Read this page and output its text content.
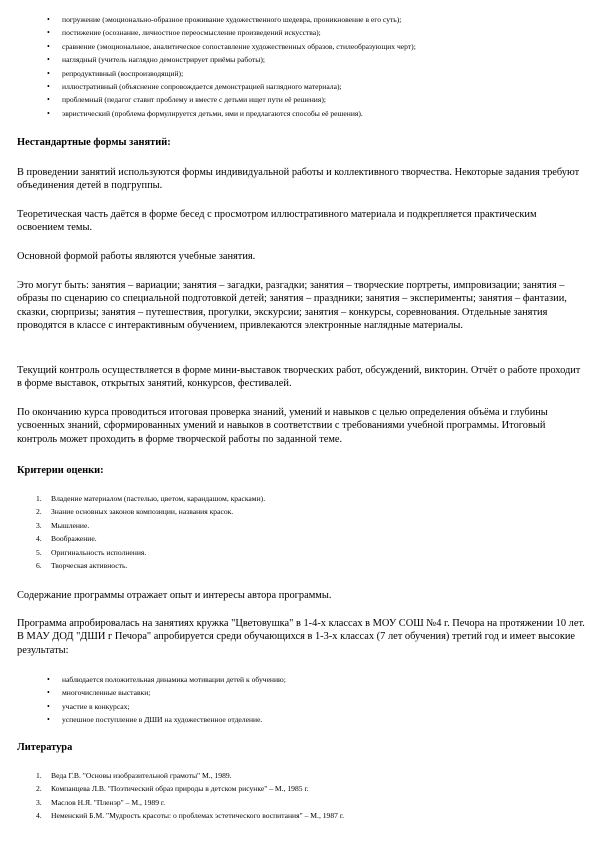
• погружение (эмоционально-образное проживание художественного шедевра, проникновение в его суть);
• постижение (осознание, личностное переосмысление произведений искусства);
• сравнение (эмоциональное, аналитическое сопоставление художественных образов, стилеобразующих черт);
• наглядный (учитель наглядно демонстрирует приёмы работы);
• репродуктивный (воспроизводящий);
• иллюстративный (объяснение сопровождается демонстрацией наглядного материала);
• проблемный (педагог ставит проблему и вместе с детьми ищет пути её решения);
• эвристический (проблема формулируется детьми, ими и предлагаются способы её решения).

Нестандартные формы занятий:

В проведении занятий используются формы индивидуальной работы и коллективного творчества. Некоторые задания требуют объединения детей в подгруппы.

Теоретическая часть даётся в форме бесед с просмотром иллюстративного материала и подкрепляется практическим освоением темы.

Основной формой работы являются учебные занятия.

Это могут быть: занятия – вариации; занятия – загадки, разгадки; занятия – творческие портреты, импровизации; занятия – образы по сценарию со специальной подготовкой детей; занятия – праздники; занятия – эксперименты; занятия – фантазии, сказки, сюрпризы; занятия – путешествия, прогулки, экскурсии; занятия – конкурсы, соревнования. Отдельные занятия проводятся в классе с интерактивным обучением, привлекаются электронные наглядные материалы.

Текущий контроль осуществляется в форме мини-выставок творческих работ, обсуждений, викторин. Отчёт о работе проходит в форме выставок, открытых занятий, конкурсов, фестивалей.

По окончанию курса проводиться итоговая проверка знаний, умений и навыков с целью определения объёма и глубины усвоенных знаний, сформированных умений и навыков в соответствии с требованиями учебной программы. Итоговый контроль может проходить в форме творческой работы по заданной теме.

Критерии оценки:

1. Владение материалом (пастелью, цветом, карандашом, красками).
2. Знание основных законов композиции, названия красок.
3. Мышление.
4. Воображение.
5. Оригинальность исполнения.
6. Творческая активность.

Содержание программы отражает опыт и интересы автора программы.

Программа апробировалась на занятиях кружка "Цветовушка" в 1-4-х классах в МОУ СОШ №4 г. Печора на протяжении 10 лет. В МАУ ДОД "ДШИ г Печора" апробируется среди обучающихся в 1-3-х классах (7 лет обучения) третий год и имеет высокие результаты:

• наблюдается положительная динамика мотивации детей к обучению;
• многочисленные выставки;
• участие в конкурсах;
• успешное поступление в ДШИ на художественное отделение.

Литература

1. Веда Г.В. "Основы изобразительной грамоты" М., 1989.
2. Компанцева Л.В. "Поэтический образ природы в детском рисунке" – М., 1985 г.
3. Маслов Н.Я. "Пленэр" – М., 1989 г.
4. Неменский Б.М. "Мудрость красоты: о проблемах эстетического воспитания" – М., 1987 г.
